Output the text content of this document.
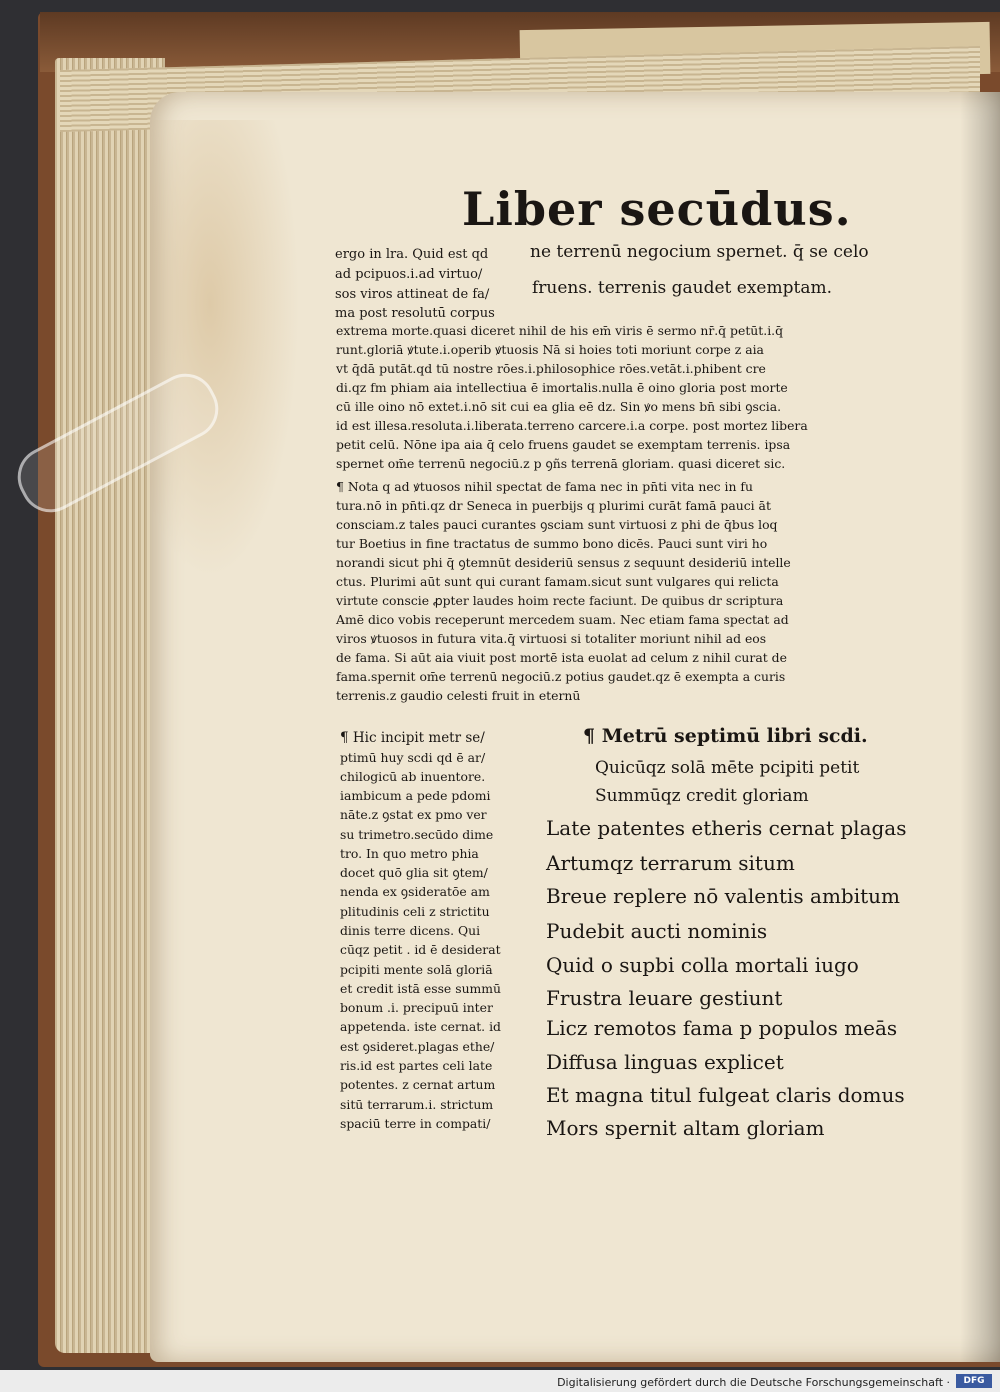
Liber secūdus.
ergo in lra. Quid est qd
ad pcipuos.i.ad virtuo/
sos viros attineat de fa/
ma post resolutū corpus
ne terrenū negocium spernet. q̄ se celo
fruens. terrenis gaudet exemptam.
extrema morte.quasi diceret nihil de his em̄ viris ē sermo nr̄.q̄ petūt.i.q̄
runt.gloriā ꝟtute.i.operib ꝟtuosis Nā si hoies toti moriunt corpe z aia
vt q̄dā putāt.qd tū nostre rōes.i.philosophice rōes.vetāt.i.phibent cre
di.qz fm phiam aia intellectiua ē imortalis.nulla ē oino gloria post morte
cū ille oino nō extet.i.nō sit cui ea glia eē dz. Sin ꝟo mens bn̄ sibi ꝯscia.
id est illesa.resoluta.i.liberata.terreno carcere.i.a corpe. post mortez libera
petit celū. Nōne ipa aia q̄ celo fruens gaudet se exemptam terrenis. ipsa
spernet om̄e terrenū negociū.z p ꝯñs terrenā gloriam. quasi diceret sic.
¶ Nota q ad ꝟtuosos nihil spectat de fama nec in pn̄ti vita nec in fu
tura.nō in pn̄ti.qz dr Seneca in puerbijs q plurimi curāt famā pauci āt
consciam.z tales pauci curantes ꝯsciam sunt virtuosi z phi de q̄bus loq
tur Boetius in fine tractatus de summo bono dicēs. Pauci sunt viri ho
norandi sicut phi q̄ ꝯtemnūt desideriū sensus z sequunt desideriū intelle
ctus. Plurimi aūt sunt qui curant famam.sicut sunt vulgares qui relicta
virtute conscie ꝓpter laudes hoim recte faciunt. De quibus dr scriptura
Amē dico vobis receperunt mercedem suam. Nec etiam fama spectat ad
viros ꝟtuosos in futura vita.q̄ virtuosi si totaliter moriunt nihil ad eos
de fama. Si aūt aia viuit post mortē ista euolat ad celum z nihil curat de
fama.spernit om̄e terrenū negociū.z potius gaudet.qz ē exempta a curis
terrenis.z gaudio celesti fruit in eternū
¶ Hic incipit metr se/
ptimū huy scdi qd ē ar/
chilogicū ab inuentore.
iambicum a pede pdomi
nāte.z ꝯstat ex pmo ver
su trimetro.secūdo dime
tro. In quo metro phia
docet quō glia sit ꝯtem/
nenda ex ꝯsideratōe am
plitudinis celi z strictitu
dinis terre dicens. Qui
cūqz petit . id ē desiderat
pcipiti mente solā gloriā
et credit istā esse summū
bonum .i. precipuū inter
appetenda. iste cernat. id
est ꝯsideret.plagas ethe/
ris.id est partes celi late
potentes. z cernat artum
sitū terrarum.i. strictum
spaciū terre in compati/
¶ Metrū septimū libri scdi.
Quicūqz solā mēte pcipiti petit
Summūqz credit gloriam
Late patentes etheris cernat plagas
Artumqz terrarum situm
Breue replere nō valentis ambitum
Pudebit aucti nominis
Quid o supbi colla mortali iugo
Frustra leuare gestiunt
Licz remotos fama p populos meās
Diffusa linguas explicet
Et magna titul fulgeat claris domus
Mors spernit altam gloriam
Digitalisierung gefördert durch die Deutsche Forschungsgemeinschaft ·	DFG
